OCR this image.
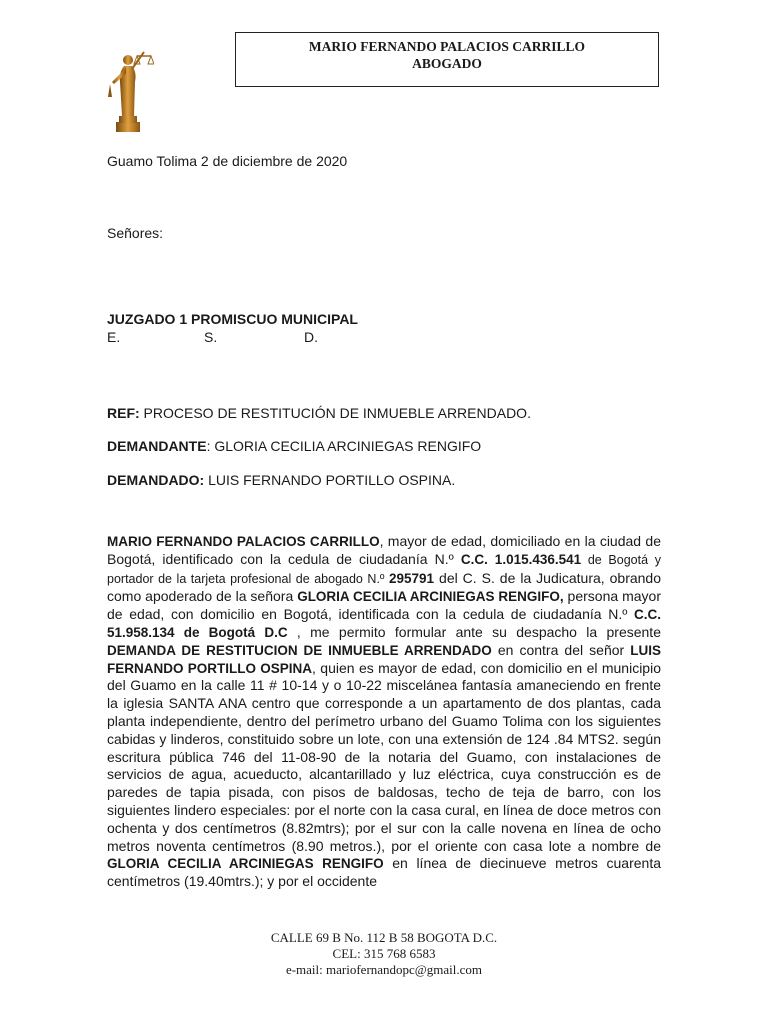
MARIO FERNANDO PALACIOS CARRILLO
ABOGADO
Guamo Tolima 2 de diciembre de 2020
Señores:
JUZGADO 1 PROMISCUO MUNICIPAL
E.	S.	D.
REF: PROCESO DE RESTITUCIÓN DE INMUEBLE ARRENDADO.
DEMANDANTE: GLORIA CECILIA ARCINIEGAS RENGIFO
DEMANDADO: LUIS FERNANDO PORTILLO OSPINA.
MARIO FERNANDO PALACIOS CARRILLO, mayor de edad, domiciliado en la ciudad de Bogotá, identificado con la cedula de ciudadanía N.º C.C. 1.015.436.541 de Bogotá y portador de la tarjeta profesional de abogado N.º 295791 del C. S. de la Judicatura, obrando como apoderado de la señora GLORIA CECILIA ARCINIEGAS RENGIFO, persona mayor de edad, con domicilio en Bogotá, identificada con la cedula de ciudadanía N.º C.C. 51.958.134 de Bogotá D.C , me permito formular ante su despacho la presente DEMANDA DE RESTITUCION DE INMUEBLE ARRENDADO en contra del señor LUIS FERNANDO PORTILLO OSPINA, quien es mayor de edad, con domicilio en el municipio del Guamo en la calle 11 # 10-14 y o 10-22 miscelánea fantasía amaneciendo en frente la iglesia SANTA ANA centro que corresponde a un apartamento de dos plantas, cada planta independiente, dentro del perímetro urbano del Guamo Tolima con los siguientes cabidas y linderos, constituido sobre un lote, con una extensión de 124 .84 MTS2. según escritura pública 746 del 11-08-90 de la notaria del Guamo, con instalaciones de servicios de agua, acueducto, alcantarillado y luz eléctrica, cuya construcción es de paredes de tapia pisada, con pisos de baldosas, techo de teja de barro, con los siguientes lindero especiales: por el norte con la casa cural, en línea de doce metros con ochenta y dos centímetros (8.82mtrs); por el sur con la calle novena en línea de ocho metros noventa centímetros (8.90 metros.), por el oriente con casa lote a nombre de GLORIA CECILIA ARCINIEGAS RENGIFO en línea de diecinueve metros cuarenta centímetros (19.40mtrs.); y por el occidente
CALLE 69 B No. 112 B 58 BOGOTA D.C.
CEL: 315 768 6583
e-mail: mariofernandopc@gmail.com
